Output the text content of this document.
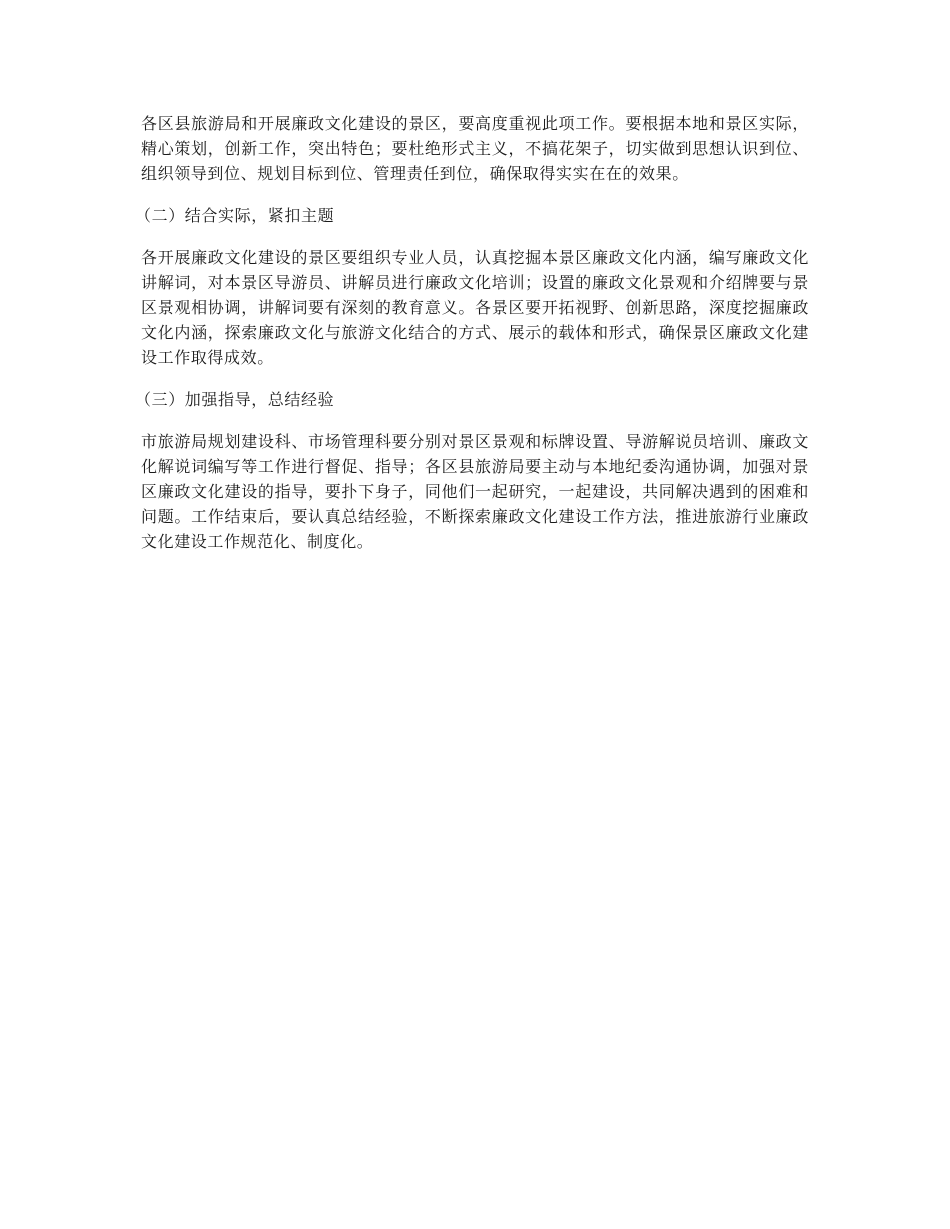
各区县旅游局和开展廉政文化建设的景区，要高度重视此项工作。要根据本地和景区实际，精心策划，创新工作，突出特色；要杜绝形式主义，不搞花架子，切实做到思想认识到位、组织领导到位、规划目标到位、管理责任到位，确保取得实实在在的效果。

（二）结合实际，紧扣主题

各开展廉政文化建设的景区要组织专业人员，认真挖掘本景区廉政文化内涵，编写廉政文化讲解词，对本景区导游员、讲解员进行廉政文化培训；设置的廉政文化景观和介绍牌要与景区景观相协调，讲解词要有深刻的教育意义。各景区要开拓视野、创新思路，深度挖掘廉政文化内涵，探索廉政文化与旅游文化结合的方式、展示的载体和形式，确保景区廉政文化建设工作取得成效。

（三）加强指导，总结经验

市旅游局规划建设科、市场管理科要分别对景区景观和标牌设置、导游解说员培训、廉政文化解说词编写等工作进行督促、指导；各区县旅游局要主动与本地纪委沟通协调，加强对景区廉政文化建设的指导，要扑下身子，同他们一起研究，一起建设，共同解决遇到的困难和问题。工作结束后，要认真总结经验，不断探索廉政文化建设工作方法，推进旅游行业廉政文化建设工作规范化、制度化。
